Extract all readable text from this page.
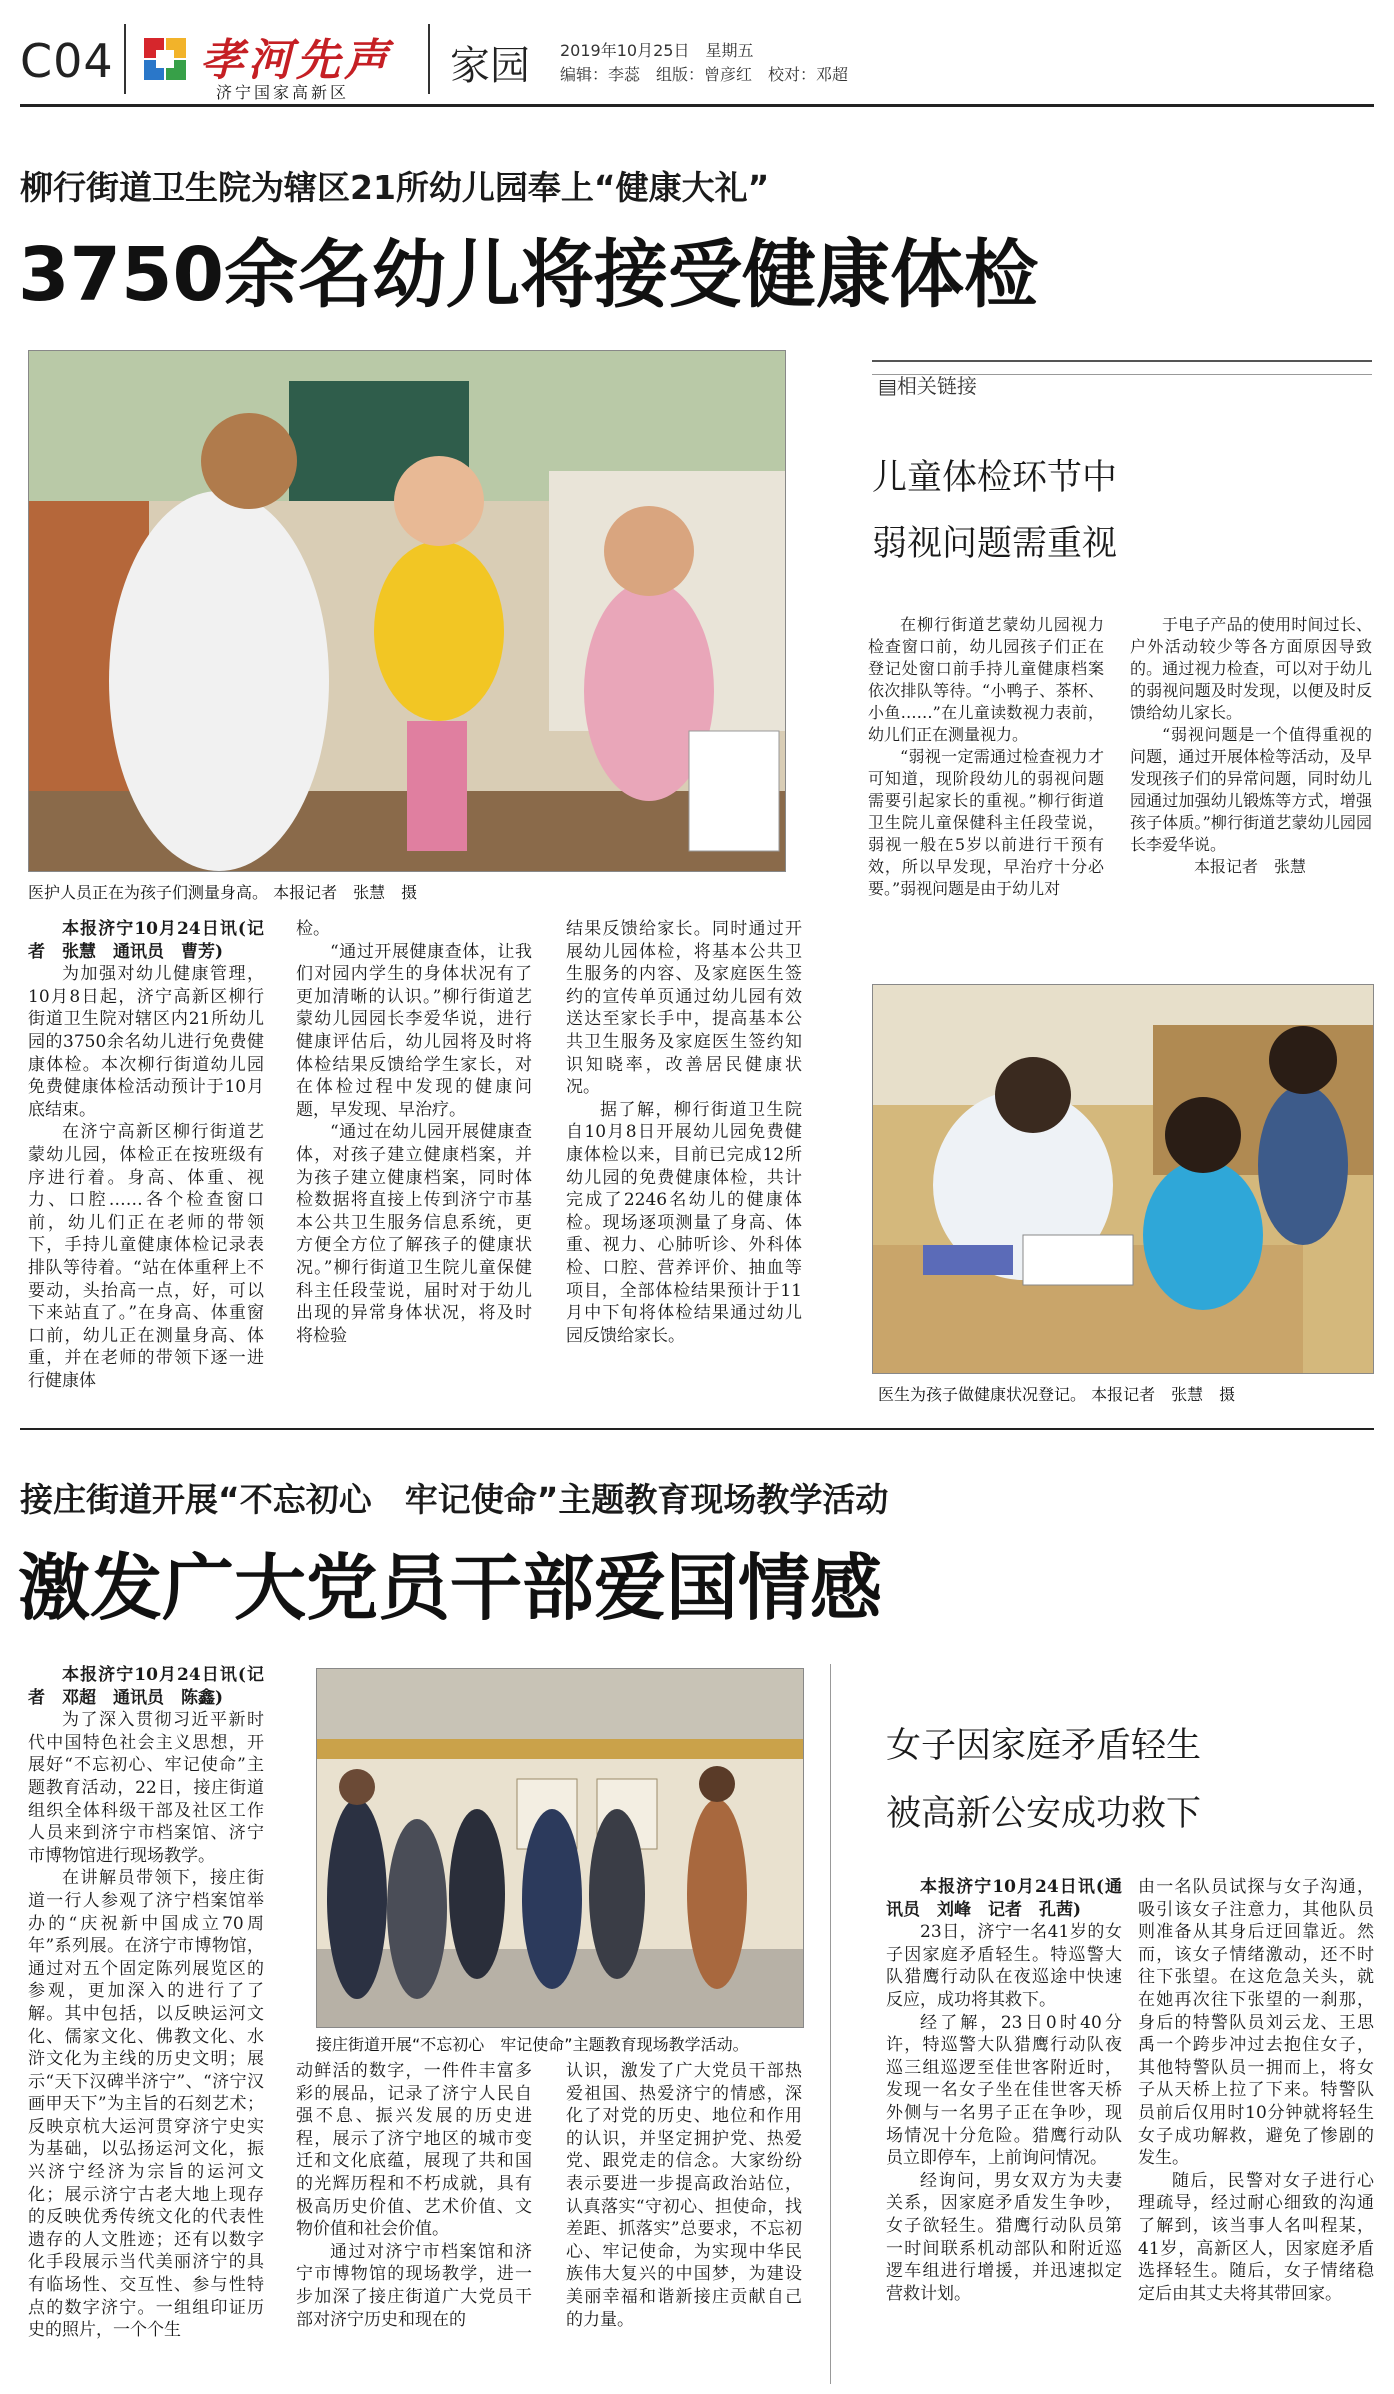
C04 孝河先声
济宁国家高新区
家园 2019年10月25日　星期五
编辑：李蕊　组版：曾彦红　校对：邓超
柳行街道卫生院为辖区21所幼儿园奉上“健康大礼”
3750余名幼儿将接受健康体检
医护人员正在为孩子们测量身高。 本报记者　张慧　摄

本报济宁10月24日讯(记者　张慧　通讯员　曹芳)

为加强对幼儿健康管理，10月8日起，济宁高新区柳行街道卫生院对辖区内21所幼儿园的3750余名幼儿进行免费健康体检。本次柳行街道幼儿园免费健康体检活动预计于10月底结束。

在济宁高新区柳行街道艺蒙幼儿园，体检正在按班级有序进行着。身高、体重、视力、口腔……各个检查窗口前，幼儿们正在老师的带领下，手持儿童健康体检记录表排队等待着。“站在体重秤上不要动，头抬高一点，好，可以下来站直了。”在身高、体重窗口前，幼儿正在测量身高、体重，并在老师的带领下逐一进行健康体

检。

“通过开展健康查体，让我们对园内学生的身体状况有了更加清晰的认识。”柳行街道艺蒙幼儿园园长李爱华说，进行健康评估后，幼儿园将及时将体检结果反馈给学生家长，对在体检过程中发现的健康问题，早发现、早治疗。

“通过在幼儿园开展健康查体，对孩子建立健康档案，并为孩子建立健康档案，同时体检数据将直接上传到济宁市基本公共卫生服务信息系统，更方便全方位了解孩子的健康状况。”柳行街道卫生院儿童保健科主任段莹说，届时对于幼儿出现的异常身体状况，将及时将检验

结果反馈给家长。同时通过开展幼儿园体检，将基本公共卫生服务的内容、及家庭医生签约的宣传单页通过幼儿园有效送达至家长手中，提高基本公共卫生服务及家庭医生签约知识知晓率，改善居民健康状况。

据了解，柳行街道卫生院自10月8日开展幼儿园免费健康体检以来，目前已完成12所幼儿园的免费健康体检，共计完成了2246名幼儿的健康体检。现场逐项测量了身高、体重、视力、心肺听诊、外科体检、口腔、营养评价、抽血等项目，全部体检结果预计于11月中下旬将体检结果通过幼儿园反馈给家长。

▤相关链接
儿童体检环节中
弱视问题需重视

在柳行街道艺蒙幼儿园视力检查窗口前，幼儿园孩子们正在登记处窗口前手持儿童健康档案依次排队等待。“小鸭子、茶杯、小鱼……”在儿童读数视力表前，幼儿们正在测量视力。

“弱视一定需通过检查视力才可知道，现阶段幼儿的弱视问题需要引起家长的重视。”柳行街道卫生院儿童保健科主任段莹说，弱视一般在5岁以前进行干预有效，所以早发现，早治疗十分必要。”弱视问题是由于幼儿对

于电子产品的使用时间过长、户外活动较少等各方面原因导致的。通过视力检查，可以对于幼儿的弱视问题及时发现，以便及时反馈给幼儿家长。

“弱视问题是一个值得重视的问题，通过开展体检等活动，及早发现孩子们的异常问题，同时幼儿园通过加强幼儿锻炼等方式，增强孩子体质。”柳行街道艺蒙幼儿园园长李爱华说。

本报记者　张慧

医生为孩子做健康状况登记。 本报记者　张慧　摄
接庄街道开展“不忘初心　牢记使命”主题教育现场教学活动
激发广大党员干部爱国情感

本报济宁10月24日讯(记者　邓超　通讯员　陈鑫)

为了深入贯彻习近平新时代中国特色社会主义思想，开展好“不忘初心、牢记使命”主题教育活动，22日，接庄街道组织全体科级干部及社区工作人员来到济宁市档案馆、济宁市博物馆进行现场教学。

在讲解员带领下，接庄街道一行人参观了济宁档案馆举办的“庆祝新中国成立70周年”系列展。在济宁市博物馆，通过对五个固定陈列展览区的参观，更加深入的进行了了解。其中包括，以反映运河文化、儒家文化、佛教文化、水浒文化为主线的历史文明；展示“天下汉碑半济宁”、“济宁汉画甲天下”为主旨的石刻艺术；反映京杭大运河贯穿济宁史实为基础，以弘扬运河文化，振兴济宁经济为宗旨的运河文化；展示济宁古老大地上现存的反映优秀传统文化的代表性遗存的人文胜迹；还有以数字化手段展示当代美丽济宁的具有临场性、交互性、参与性特点的数字济宁。一组组印证历史的照片，一个个生

接庄街道开展“不忘初心　牢记使命”主题教育现场教学活动。

动鲜活的数字，一件件丰富多彩的展品，记录了济宁人民自强不息、振兴发展的历史进程，展示了济宁地区的城市变迁和文化底蕴，展现了共和国的光辉历程和不朽成就，具有极高历史价值、艺术价值、文物价值和社会价值。

通过对济宁市档案馆和济宁市博物馆的现场教学，进一步加深了接庄街道广大党员干部对济宁历史和现在的

认识，激发了广大党员干部热爱祖国、热爱济宁的情感，深化了对党的历史、地位和作用的认识，并坚定拥护党、热爱党、跟党走的信念。大家纷纷表示要进一步提高政治站位，认真落实“守初心、担使命，找差距、抓落实”总要求，不忘初心、牢记使命，为实现中华民族伟大复兴的中国梦，为建设美丽幸福和谐新接庄贡献自己的力量。

女子因家庭矛盾轻生
被高新公安成功救下

本报济宁10月24日讯(通讯员　刘峰　记者　孔茜)

23日，济宁一名41岁的女子因家庭矛盾轻生。特巡警大队猎鹰行动队在夜巡途中快速反应，成功将其救下。

经了解，23日0时40分许，特巡警大队猎鹰行动队夜巡三组巡逻至佳世客附近时，发现一名女子坐在佳世客天桥外侧与一名男子正在争吵，现场情况十分危险。猎鹰行动队员立即停车，上前询问情况。

经询问，男女双方为夫妻关系，因家庭矛盾发生争吵，女子欲轻生。猎鹰行动队员第一时间联系机动部队和附近巡逻车组进行增援，并迅速拟定营救计划。

由一名队员试探与女子沟通，吸引该女子注意力，其他队员则准备从其身后迂回靠近。然而，该女子情绪激动，还不时往下张望。在这危急关头，就在她再次往下张望的一刹那，身后的特警队员刘云龙、王思禹一个跨步冲过去抱住女子，其他特警队员一拥而上，将女子从天桥上拉了下来。特警队员前后仅用时10分钟就将轻生女子成功解救，避免了惨剧的发生。

随后，民警对女子进行心理疏导，经过耐心细致的沟通了解到，该当事人名叫程某，41岁，高新区人，因家庭矛盾选择轻生。随后，女子情绪稳定后由其丈夫将其带回家。
